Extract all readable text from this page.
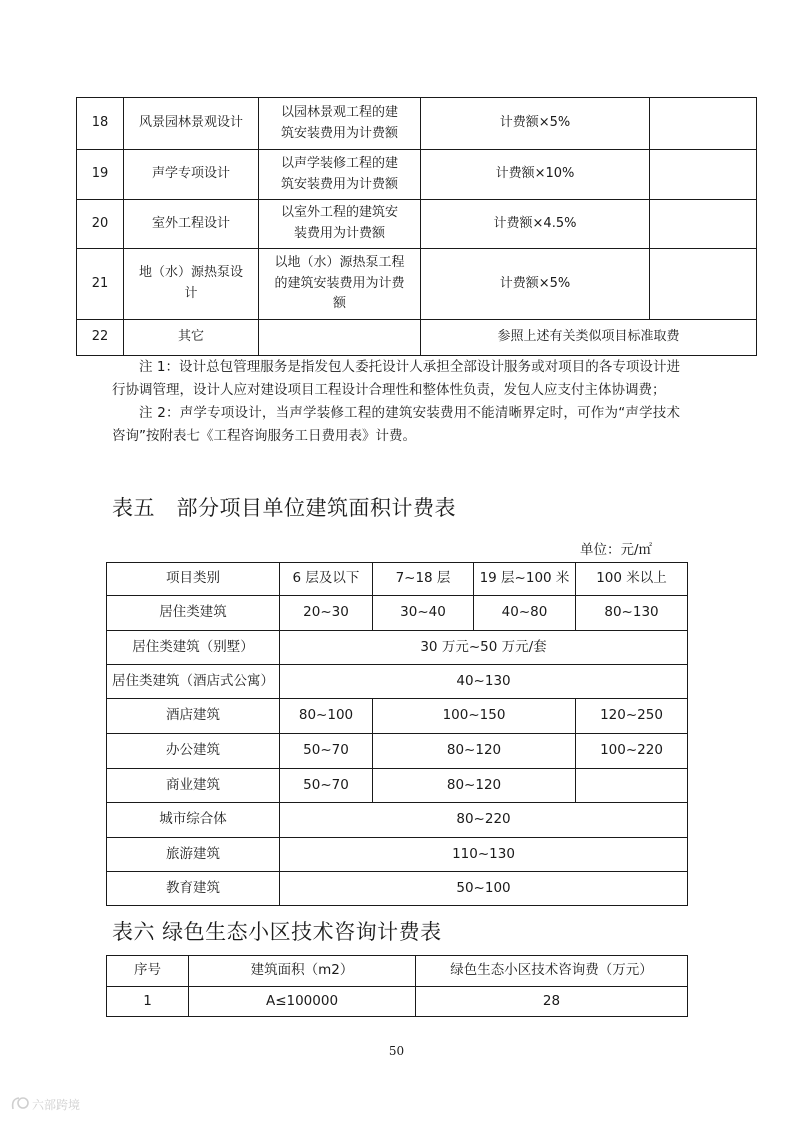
18	风景园林景观设计	以园林景观工程的建筑安装费用为计费额	计费额×5%	
19	声学专项设计	以声学装修工程的建筑安装费用为计费额	计费额×10%	
20	室外工程设计	以室外工程的建筑安装费用为计费额	计费额×4.5%	
21	地（水）源热泵设计	以地（水）源热泵工程的建筑安装费用为计费额	计费额×5%	
22	其它		参照上述有关类似项目标准取费	

注 1：设计总包管理服务是指发包人委托设计人承担全部设计服务或对项目的各专项设计进行协调管理，设计人应对建设项目工程设计合理性和整体性负责，发包人应支付主体协调费；

注 2：声学专项设计，当声学装修工程的建筑安装费用不能清晰界定时，可作为“声学技术咨询”按附表七《工程咨询服务工日费用表》计费。

表五　部分项目单位建筑面积计费表
单位：元/㎡
项目类别	6 层及以下	7~18 层	19 层~100 米	100 米以上
居住类建筑	20~30	30~40	40~80	80~130
居住类建筑（别墅）	30 万元~50 万元/套			
居住类建筑（酒店式公寓）	40~130			
酒店建筑	80~100	100~150		120~250
办公建筑	50~70	80~120		100~220
商业建筑	50~70	80~120		
城市综合体	80~220			
旅游建筑	110~130			
教育建筑	50~100			
表六 绿色生态小区技术咨询计费表
序号	建筑面积（m2）	绿色生态小区技术咨询费（万元）
1	A≤100000	28
50
六部跨境
